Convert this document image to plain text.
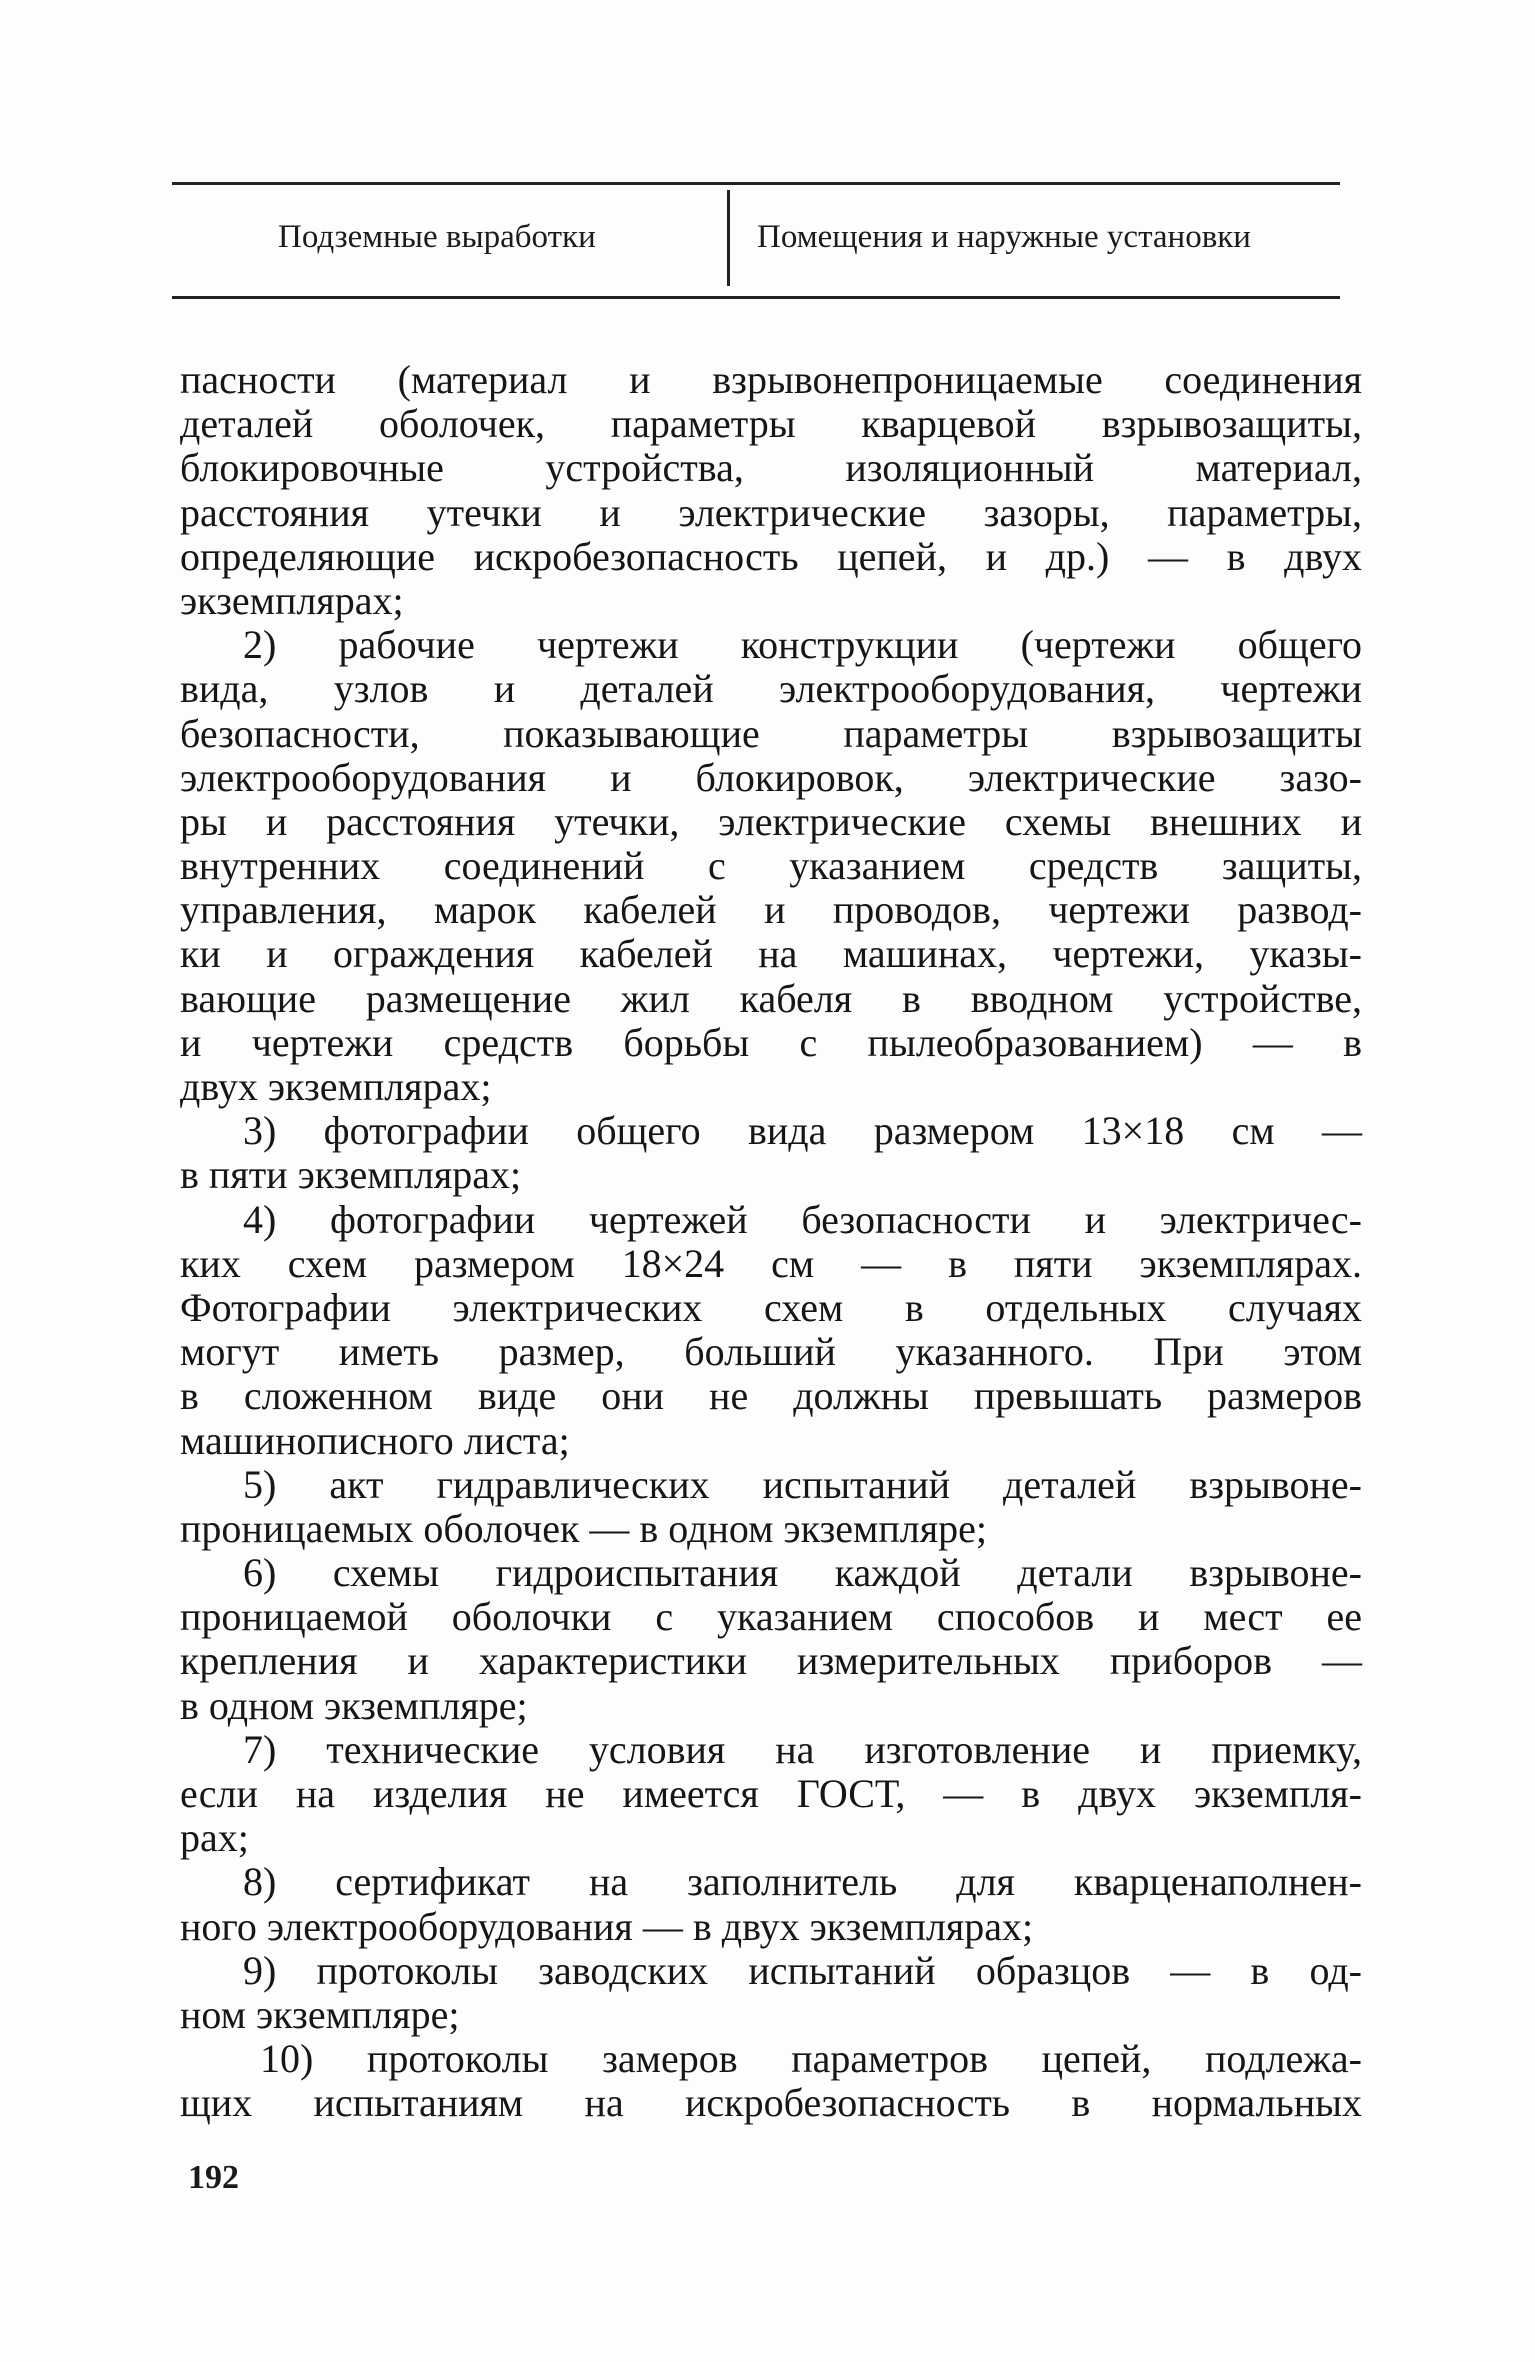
Подземные выработки	Помещения и наружные установки
пасности (материал и взрывонепроницаемые соединения
деталей оболочек, параметры кварцевой взрывозащиты,
блокировочные устройства, изоляционный материал,
расстояния утечки и электрические зазоры, параметры,
определяющие искробезопасность цепей, и др.) — в двух
экземплярах;
2) рабочие чертежи конструкции (чертежи общего
вида, узлов и деталей электрооборудования, чертежи
безопасности, показывающие параметры взрывозащиты
электрооборудования и блокировок, электрические зазо-
ры и расстояния утечки, электрические схемы внешних и
внутренних соединений с указанием средств защиты,
управления, марок кабелей и проводов, чертежи развод-
ки и ограждения кабелей на машинах, чертежи, указы-
вающие размещение жил кабеля в вводном устройстве,
и чертежи средств борьбы с пылеобразованием) — в
двух экземплярах;
3) фотографии общего вида размером 13×18 см —
в пяти экземплярах;
4) фотографии чертежей безопасности и электричес-
ких схем размером 18×24 см — в пяти экземплярах.
Фотографии электрических схем в отдельных случаях
могут иметь размер, больший указанного. При этом
в сложенном виде они не должны превышать размеров
машинописного листа;
5) акт гидравлических испытаний деталей взрывоне-
проницаемых оболочек — в одном экземпляре;
6) схемы гидроиспытания каждой детали взрывоне-
проницаемой оболочки с указанием способов и мест ее
крепления и характеристики измерительных приборов —
в одном экземпляре;
7) технические условия на изготовление и приемку,
если на изделия не имеется ГОСТ, — в двух экземпля-
рах;
8) сертификат на заполнитель для кварценаполнен-
ного электрооборудования — в двух экземплярах;
9) протоколы заводских испытаний образцов — в од-
ном экземпляре;
10) протоколы замеров параметров цепей, подлежа-
щих испытаниям на искробезопасность в нормальных
192
